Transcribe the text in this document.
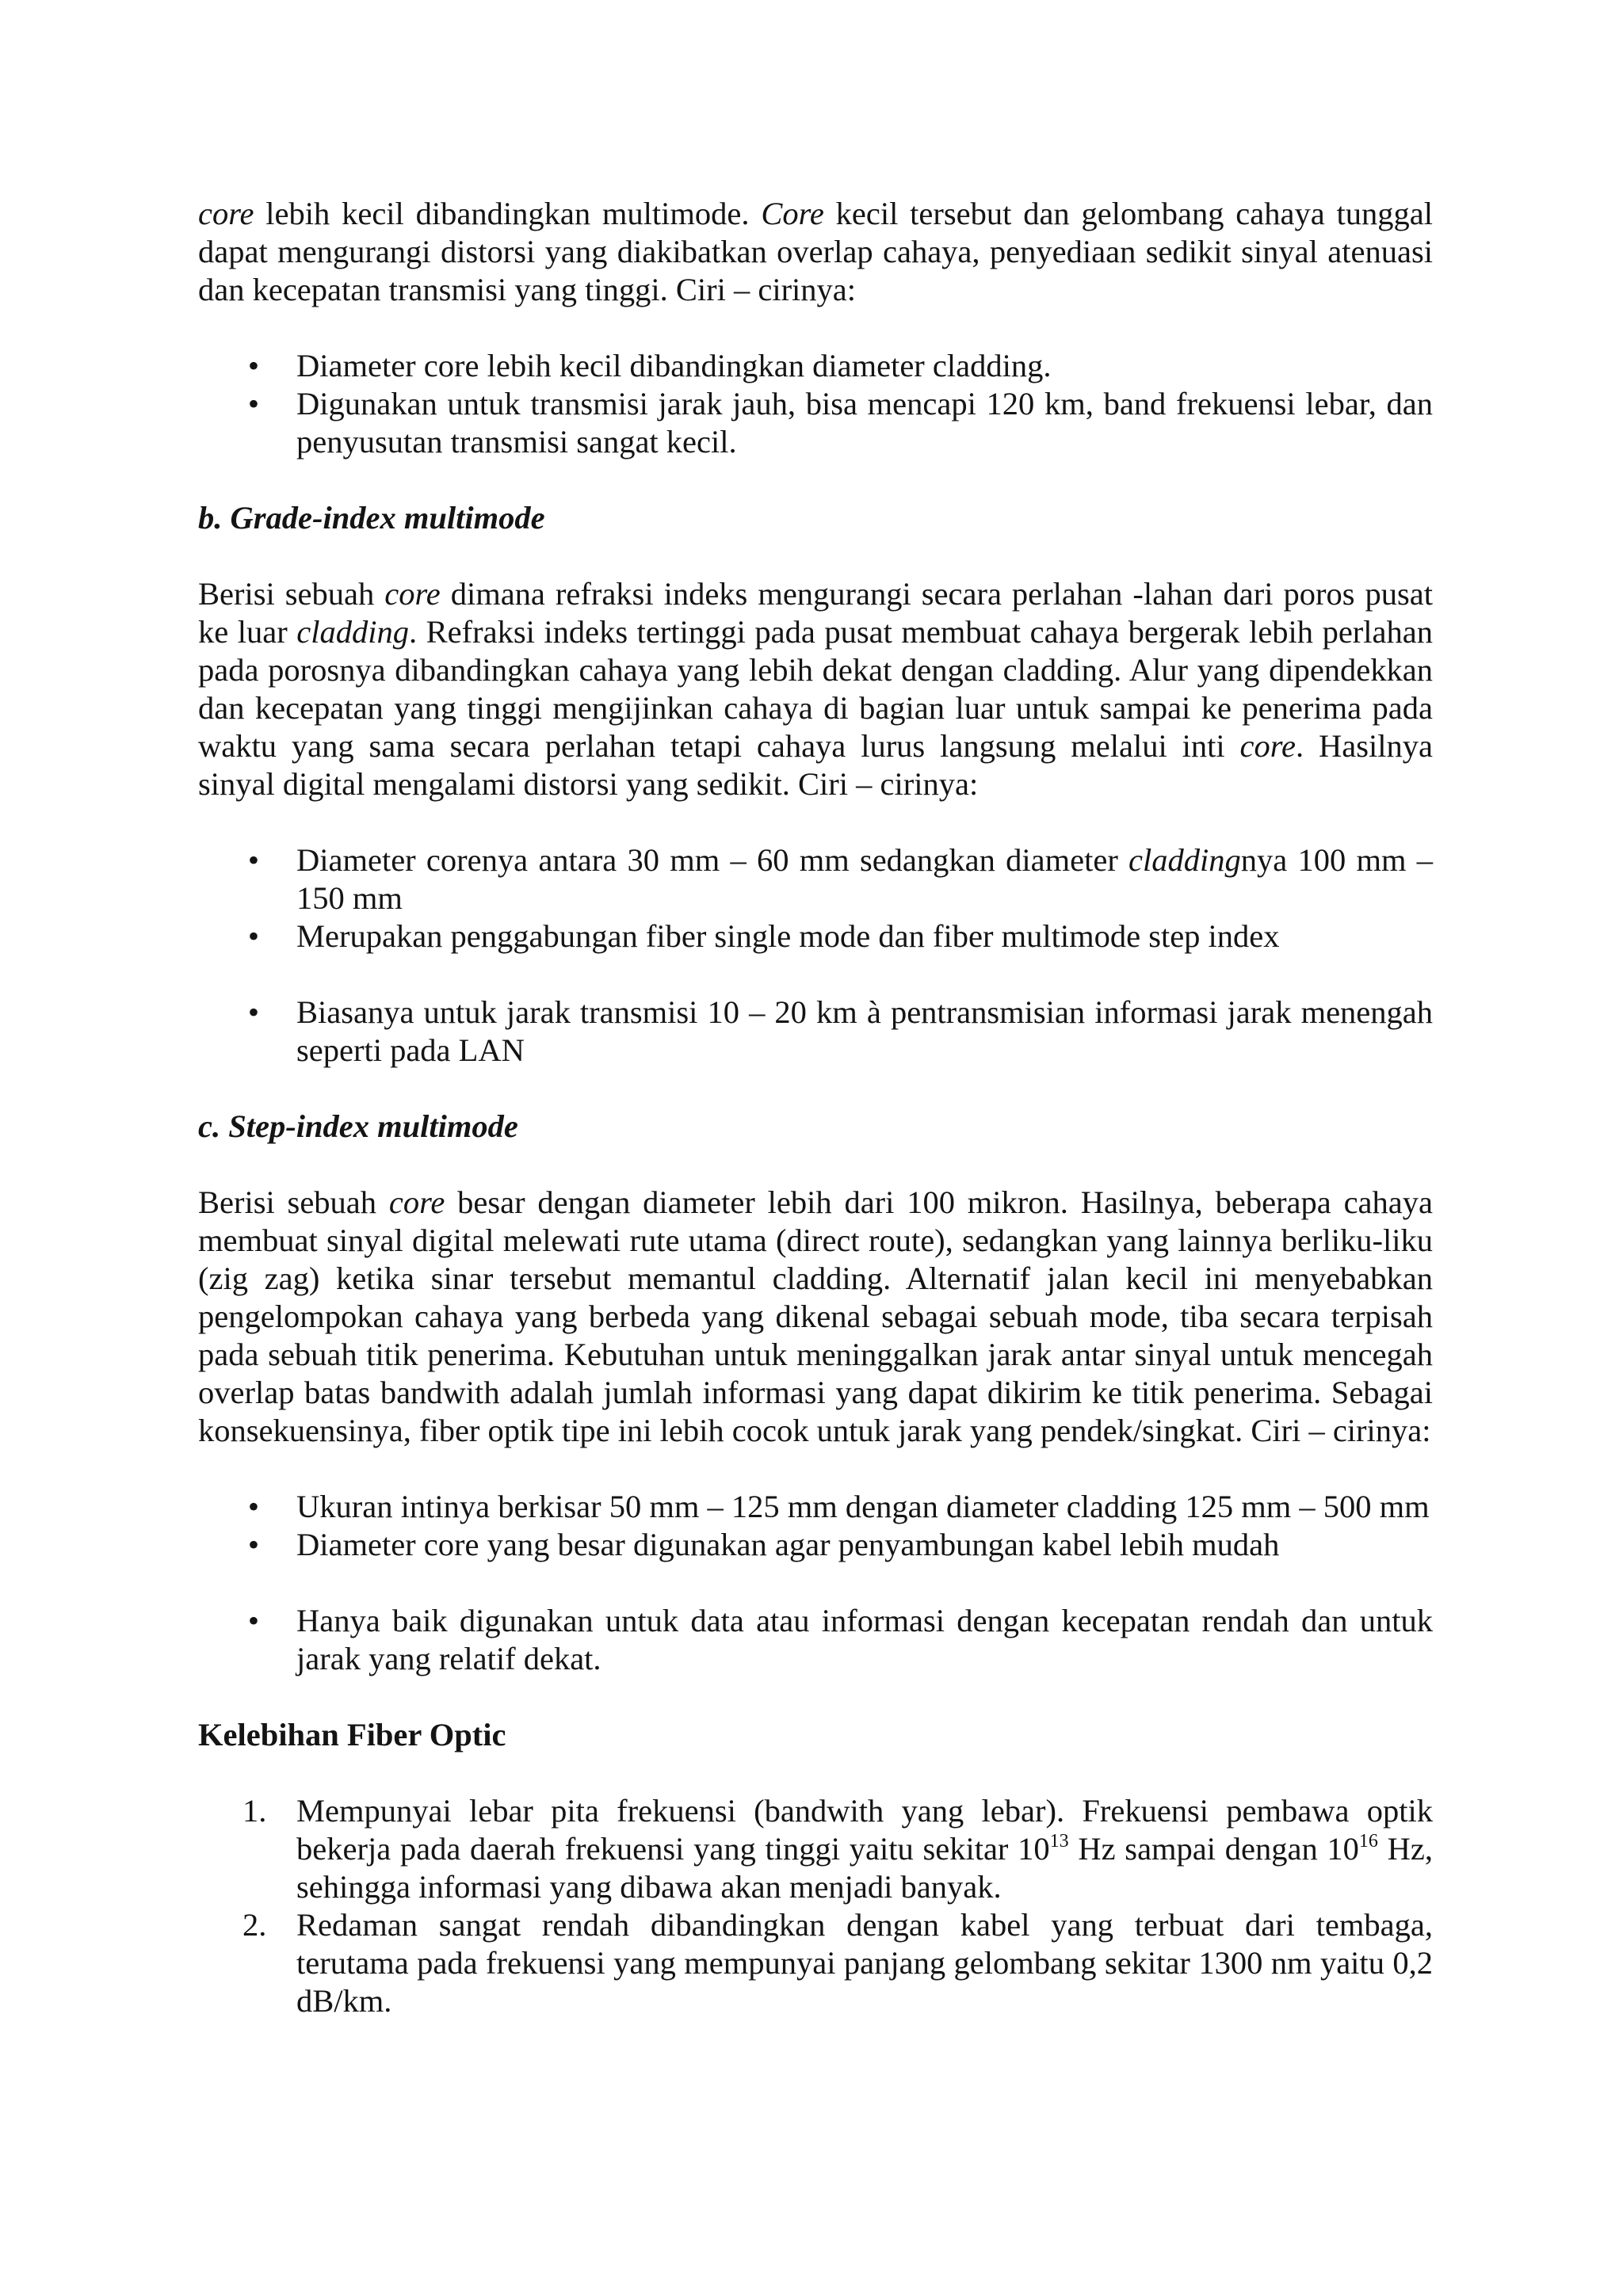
core lebih kecil dibandingkan multimode. Core kecil tersebut dan gelombang cahaya tunggal dapat mengurangi distorsi yang diakibatkan overlap cahaya, penyediaan sedikit sinyal atenuasi dan kecepatan transmisi yang tinggi. Ciri – cirinya:

• Diameter core lebih kecil dibandingkan diameter cladding.
• Digunakan untuk transmisi jarak jauh, bisa mencapi 120 km, band frekuensi lebar, dan penyusutan transmisi sangat kecil.
b. Grade-index multimode

Berisi sebuah core dimana refraksi indeks mengurangi secara perlahan -lahan dari poros pusat ke luar cladding. Refraksi indeks tertinggi pada pusat membuat cahaya bergerak lebih perlahan pada porosnya dibandingkan cahaya yang lebih dekat dengan cladding. Alur yang dipendekkan dan kecepatan yang tinggi mengijinkan cahaya di bagian luar untuk sampai ke penerima pada waktu yang sama secara perlahan tetapi cahaya lurus langsung melalui inti core. Hasilnya sinyal digital mengalami distorsi yang sedikit. Ciri – cirinya:

• Diameter corenya antara 30 mm – 60 mm sedangkan diameter claddingnya 100 mm – 150 mm
• Merupakan penggabungan fiber single mode dan fiber multimode step index
• Biasanya untuk jarak transmisi 10 – 20 km à pentransmisian informasi jarak menengah seperti pada LAN
c. Step-index multimode

Berisi sebuah core besar dengan diameter lebih dari 100 mikron. Hasilnya, beberapa cahaya membuat sinyal digital melewati rute utama (direct route), sedangkan yang lainnya berliku-liku (zig zag) ketika sinar tersebut memantul cladding. Alternatif jalan kecil ini menyebabkan pengelompokan cahaya yang berbeda yang dikenal sebagai sebuah mode, tiba secara terpisah pada sebuah titik penerima. Kebutuhan untuk meninggalkan jarak antar sinyal untuk mencegah overlap batas bandwith adalah jumlah informasi yang dapat dikirim ke titik penerima. Sebagai konsekuensinya, fiber optik tipe ini lebih cocok untuk jarak yang pendek/singkat. Ciri – cirinya:

• Ukuran intinya berkisar 50 mm – 125 mm dengan diameter cladding 125 mm – 500 mm
• Diameter core yang besar digunakan agar penyambungan kabel lebih mudah
• Hanya baik digunakan untuk data atau informasi dengan kecepatan rendah dan untuk jarak yang relatif dekat.
Kelebihan Fiber Optic
1. Mempunyai lebar pita frekuensi (bandwith yang lebar). Frekuensi pembawa optik bekerja pada daerah frekuensi yang tinggi yaitu sekitar $10^{13}$ Hz sampai dengan $10^{16}$ Hz, sehingga informasi yang dibawa akan menjadi banyak.
2. Redaman sangat rendah dibandingkan dengan kabel yang terbuat dari tembaga, terutama pada frekuensi yang mempunyai panjang gelombang sekitar 1300 nm yaitu 0,2 dB/km.
